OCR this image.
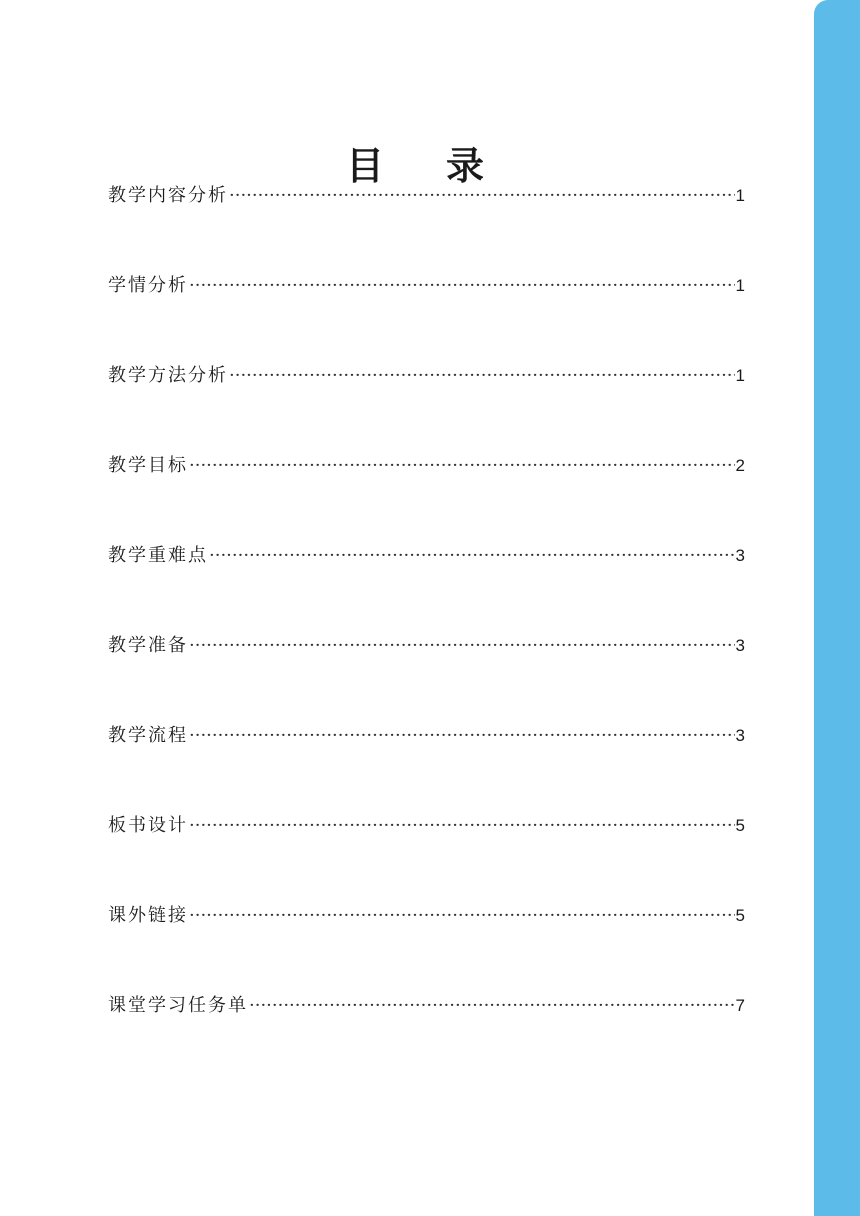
目录
教学内容分析 ·····	1
学情分析 ·····	1
教学方法分析 ·····	1
教学目标 ·····	2
教学重难点 ·····	3
教学准备 ·····	3
教学流程 ·····	3
板书设计 ·····	5
课外链接 ·····	5
课堂学习任务单 ·····	7
